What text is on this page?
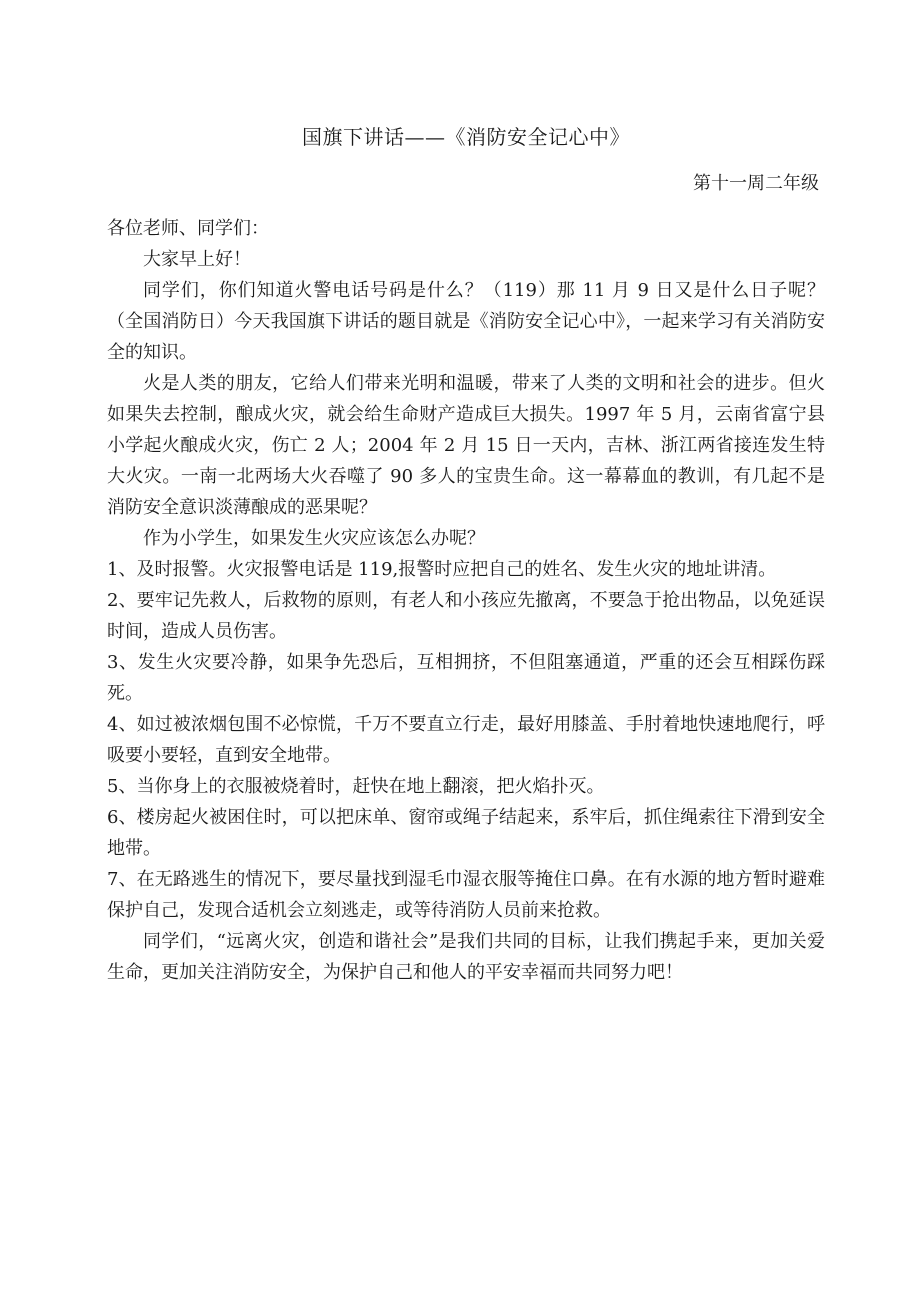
国旗下讲话——《消防安全记心中》
第十一周二年级

各位老师、同学们：

大家早上好！

同学们，你们知道火警电话号码是什么？（119）那 11 月 9 日又是什么日子呢？（全国消防日）今天我国旗下讲话的题目就是《消防安全记心中》，一起来学习有关消防安全的知识。

火是人类的朋友，它给人们带来光明和温暖，带来了人类的文明和社会的进步。但火如果失去控制，酿成火灾，就会给生命财产造成巨大损失。1997 年 5 月，云南省富宁县小学起火酿成火灾，伤亡 2 人；2004 年 2 月 15 日一天内，吉林、浙江两省接连发生特大火灾。一南一北两场大火吞噬了 90 多人的宝贵生命。这一幕幕血的教训，有几起不是消防安全意识淡薄酿成的恶果呢？

作为小学生，如果发生火灾应该怎么办呢？

1、及时报警。火灾报警电话是 119,报警时应把自己的姓名、发生火灾的地址讲清。

2、要牢记先救人，后救物的原则，有老人和小孩应先撤离，不要急于抢出物品，以免延误时间，造成人员伤害。

3、发生火灾要冷静，如果争先恐后，互相拥挤，不但阻塞通道，严重的还会互相踩伤踩死。

4、如过被浓烟包围不必惊慌，千万不要直立行走，最好用膝盖、手肘着地快速地爬行，呼吸要小要轻，直到安全地带。

5、当你身上的衣服被烧着时，赶快在地上翻滚，把火焰扑灭。

6、楼房起火被困住时，可以把床单、窗帘或绳子结起来，系牢后，抓住绳索往下滑到安全地带。

7、在无路逃生的情况下，要尽量找到湿毛巾湿衣服等掩住口鼻。在有水源的地方暂时避难保护自己，发现合适机会立刻逃走，或等待消防人员前来抢救。

同学们，“远离火灾，创造和谐社会”是我们共同的目标，让我们携起手来，更加关爱生命，更加关注消防安全，为保护自己和他人的平安幸福而共同努力吧！
